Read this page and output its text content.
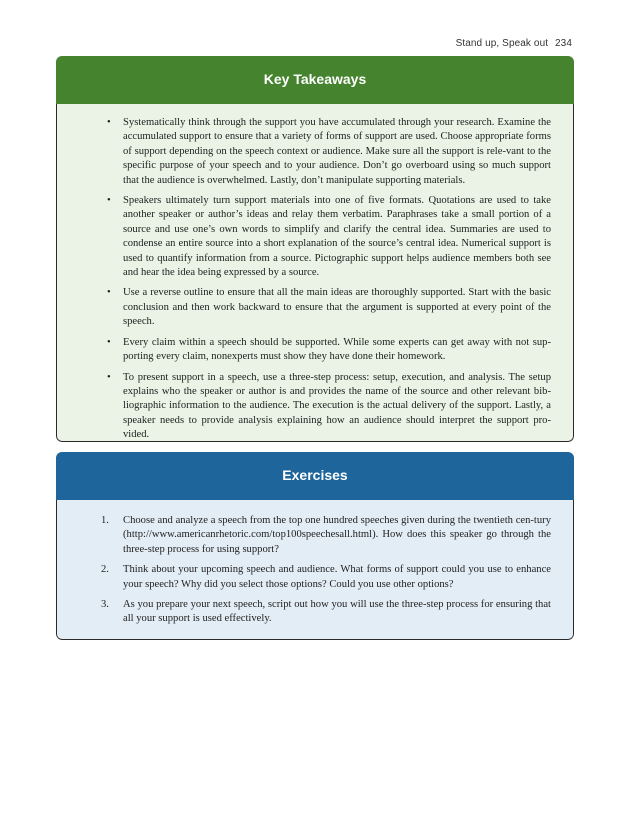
Stand up, Speak out 234
Key Takeaways
• Systematically think through the support you have accumulated through your research. Examine the accumulated support to ensure that a variety of forms of support are used. Choose appropriate forms of support depending on the speech context or audience. Make sure all the support is rele-vant to the specific purpose of your speech and to your audience. Don’t go overboard using so much support that the audience is overwhelmed. Lastly, don’t manipulate supporting materials.
• Speakers ultimately turn support materials into one of five formats. Quotations are used to take another speaker or author’s ideas and relay them verbatim. Paraphrases take a small portion of a source and use one’s own words to simplify and clarify the central idea. Summaries are used to condense an entire source into a short explanation of the source’s central idea. Numerical support is used to quantify information from a source. Pictographic support helps audience members both see and hear the idea being expressed by a source.
• Use a reverse outline to ensure that all the main ideas are thoroughly supported. Start with the basic conclusion and then work backward to ensure that the argument is supported at every point of the speech.
• Every claim within a speech should be supported. While some experts can get away with not sup-porting every claim, nonexperts must show they have done their homework.
• To present support in a speech, use a three-step process: setup, execution, and analysis. The setup explains who the speaker or author is and provides the name of the source and other relevant bib-liographic information to the audience. The execution is the actual delivery of the support. Lastly, a speaker needs to provide analysis explaining how an audience should interpret the support pro-vided.
Exercises
1. Choose and analyze a speech from the top one hundred speeches given during the twentieth cen-tury (http://www.americanrhetoric.com/top100speechesall.html). How does this speaker go through the three-step process for using support?
2. Think about your upcoming speech and audience. What forms of support could you use to enhance your speech? Why did you select those options? Could you use other options?
3. As you prepare your next speech, script out how you will use the three-step process for ensuring that all your support is used effectively.
